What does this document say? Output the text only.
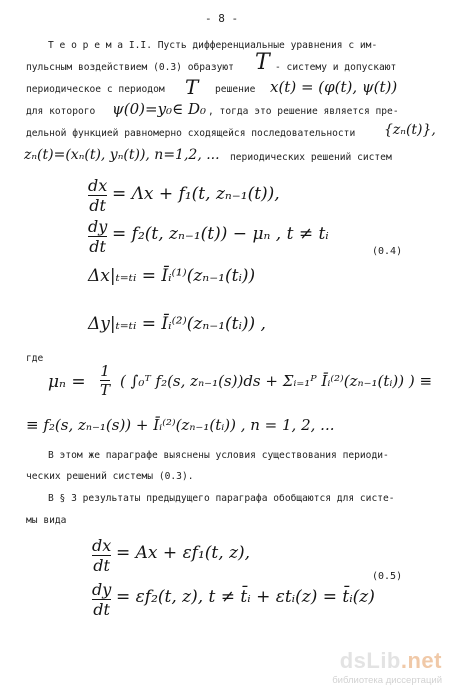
- 8 -
Т е о р е м а I.I. Пусть дифференциальные уравнения с им-
пульсным воздействием (0.3) образуют T - систему и допускают
периодическое с периодом T решение 𝑥(t) = (φ(t), ψ(t))
для которого ψ(0)=y₀∈ D₀ , тогда это решение является пре-
дельной функцией равномерно сходящейся последовательности {zₙ(t)},
zₙ(t)=(xₙ(t), yₙ(t)), n=1,2, ... периодических решений систем
dx
dt
= Λx + f₁(t, zₙ₋₁(t)),
dy
dt
= f₂(t, zₙ₋₁(t)) − μₙ , t ≠ tᵢ
(0.4)
Δx|ₜ₌ₜᵢ = Īᵢ⁽¹⁾(zₙ₋₁(tᵢ))
Δy|ₜ₌ₜᵢ = Īᵢ⁽²⁾(zₙ₋₁(tᵢ)) ,
где
μₙ =
1
T ( ∫₀ᵀ f₂(s, zₙ₋₁(s))ds + Σᵢ₌₁ᴾ Īᵢ⁽²⁾(zₙ₋₁(tᵢ)) ) ≡
≡ f₂(s, zₙ₋₁(s)) + Īᵢ⁽²⁾(zₙ₋₁(tᵢ)) , n = 1, 2, ...
В этом же параграфе выяснены условия существования периоди-
ческих решений системы (0.3).
В § 3 результаты предыдущего параграфа обобщаются для систе-
мы вида
dx
dt
= Ax + εf₁(t, z),
(0.5)
dy
dt
= εf₂(t, z), t ≠ t̄ᵢ + εtᵢ(z) = t̄ᵢ(z)
dsLib.net
библиотека диссертаций
